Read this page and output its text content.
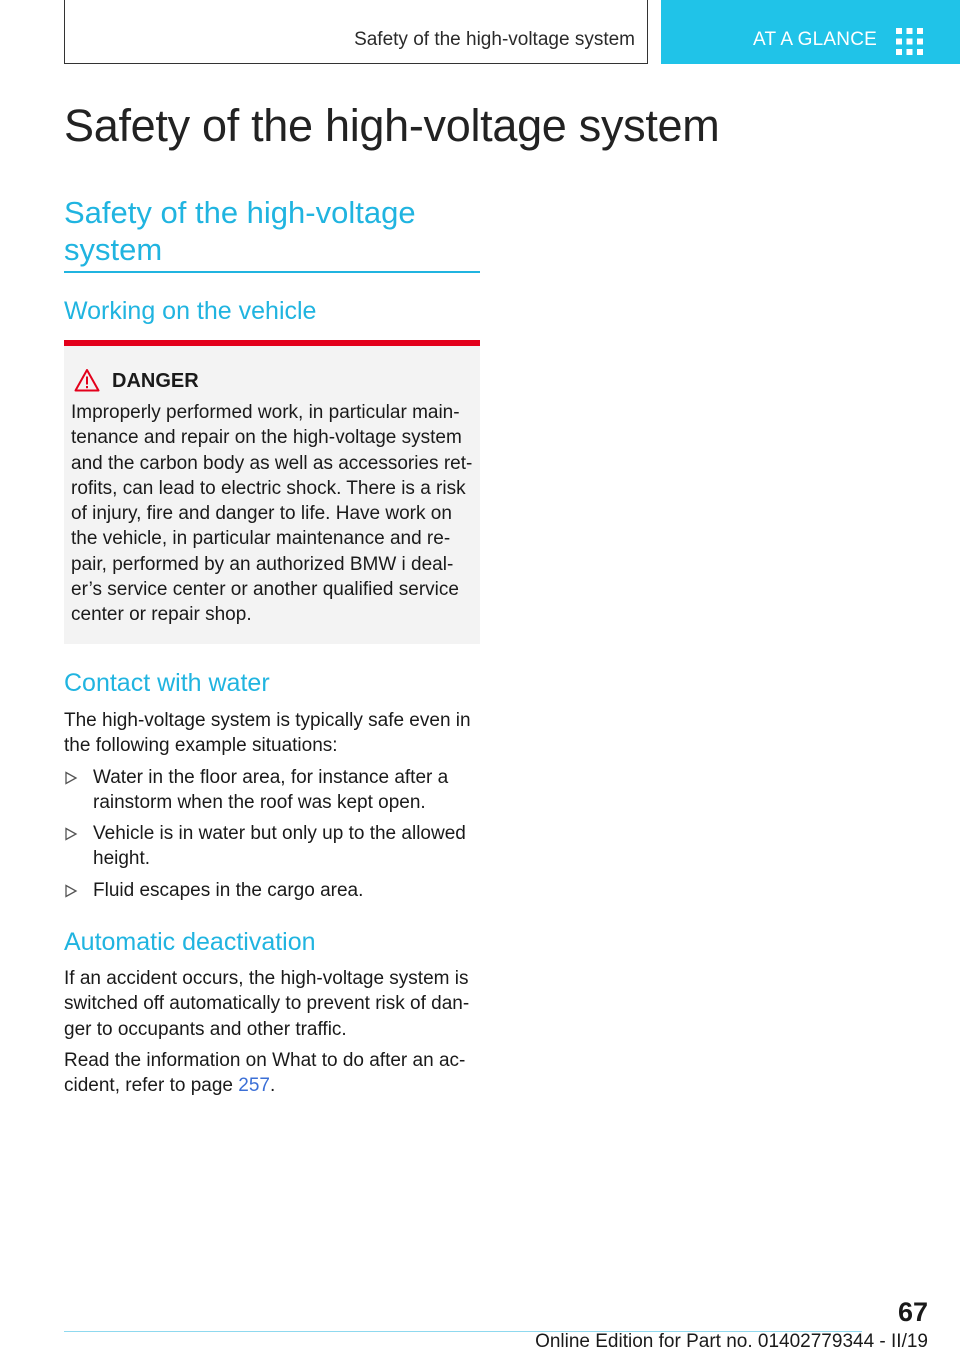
Safety of the high-voltage system	AT A GLANCE
Safety of the high-voltage system
Safety of the high-voltage system
Working on the vehicle
DANGER

Improperly performed work, in particular maintenance and repair on the high-voltage system and the carbon body as well as accessories retrofits, can lead to electric shock. There is a risk of injury, fire and danger to life. Have work on the vehicle, in particular maintenance and repair, performed by an authorized BMW i dealer’s service center or another qualified service center or repair shop.

Contact with water

The high-voltage system is typically safe even in the following example situations:

Water in the floor area, for instance after a rainstorm when the roof was kept open.

Vehicle is in water but only up to the allowed height.

Fluid escapes in the cargo area.

Automatic deactivation

If an accident occurs, the high-voltage system is switched off automatically to prevent risk of danger to occupants and other traffic.

Read the information on What to do after an accident, refer to page 257.

67
Online Edition for Part no. 01402779344 - II/19
